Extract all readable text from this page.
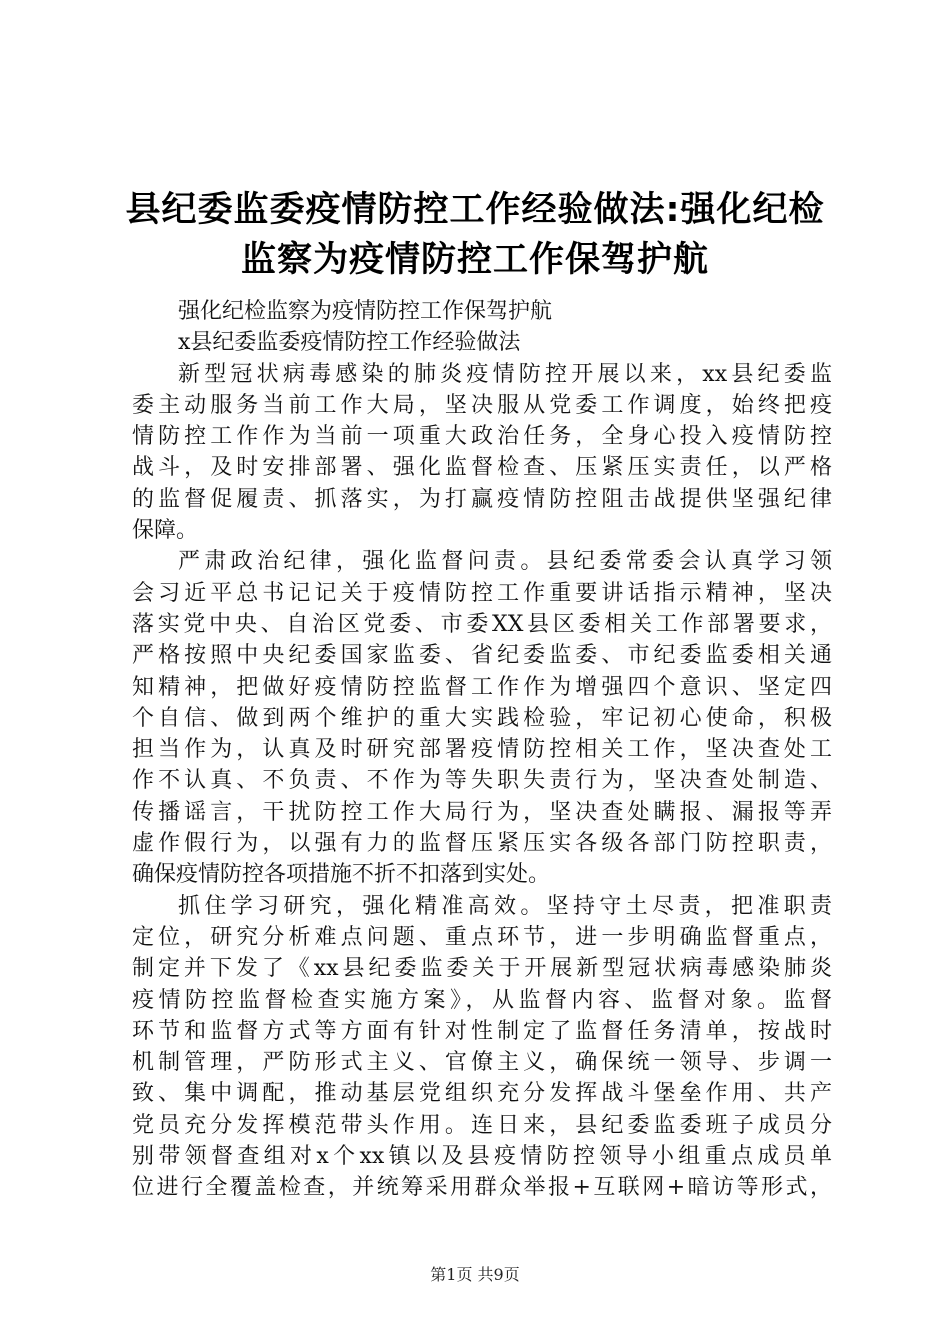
县纪委监委疫情防控工作经验做法:强化纪检
监察为疫情防控工作保驾护航
强化纪检监察为疫情防控工作保驾护航
x县纪委监委疫情防控工作经验做法
新型冠状病毒感染的肺炎疫情防控开展以来，xx县纪委监
委主动服务当前工作大局，坚决服从党委工作调度，始终把疫
情防控工作作为当前一项重大政治任务，全身心投入疫情防控
战斗，及时安排部署、强化监督检查、压紧压实责任，以严格
的监督促履责、抓落实，为打赢疫情防控阻击战提供坚强纪律
保障。
严肃政治纪律，强化监督问责。县纪委常委会认真学习领
会习近平总书记记关于疫情防控工作重要讲话指示精神，坚决
落实党中央、自治区党委、市委XX县区委相关工作部署要求，
严格按照中央纪委国家监委、省纪委监委、市纪委监委相关通
知精神，把做好疫情防控监督工作作为增强四个意识、坚定四
个自信、做到两个维护的重大实践检验，牢记初心使命，积极
担当作为，认真及时研究部署疫情防控相关工作，坚决查处工
作不认真、不负责、不作为等失职失责行为，坚决查处制造、
传播谣言，干扰防控工作大局行为，坚决查处瞒报、漏报等弄
虚作假行为，以强有力的监督压紧压实各级各部门防控职责，
确保疫情防控各项措施不折不扣落到实处。
抓住学习研究，强化精准高效。坚持守土尽责，把准职责
定位，研究分析难点问题、重点环节，进一步明确监督重点，
制定并下发了《xx县纪委监委关于开展新型冠状病毒感染肺炎
疫情防控监督检查实施方案》，从监督内容、监督对象。监督
环节和监督方式等方面有针对性制定了监督任务清单，按战时
机制管理，严防形式主义、官僚主义，确保统一领导、步调一
致、集中调配，推动基层党组织充分发挥战斗堡垒作用、共产
党员充分发挥模范带头作用。连日来，县纪委监委班子成员分
别带领督查组对x个xx镇以及县疫情防控领导小组重点成员单
位进行全覆盖检查，并统筹采用群众举报+互联网+暗访等形式，
第1页 共9页
